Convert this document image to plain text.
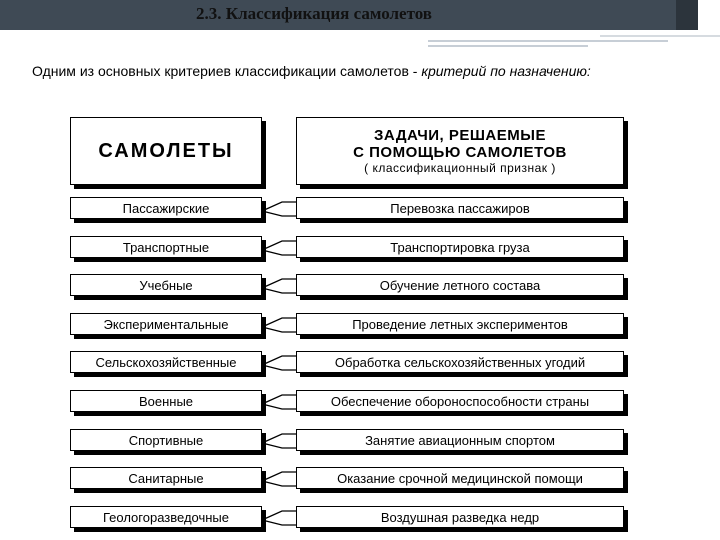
2.3. Классификация самолетов
Одним из основных критериев классификации самолетов - критерий по назначению:
САМОЛЕТЫ
ЗАДАЧИ, РЕШАЕМЫЕ
С ПОМОЩЬЮ САМОЛЕТОВ
( классификационный признак )
Пассажирские	Перевозка пассажиров
Транспортные	Транспортировка груза
Учебные	Обучение летного состава
Экспериментальные	Проведение летных экспериментов
Сельскохозяйственные	Обработка сельскохозяйственных угодий
Военные	Обеспечение обороноспособности страны
Спортивные	Занятие авиационным спортом
Санитарные	Оказание срочной медицинской помощи
Геологоразведочные	Воздушная разведка недр
